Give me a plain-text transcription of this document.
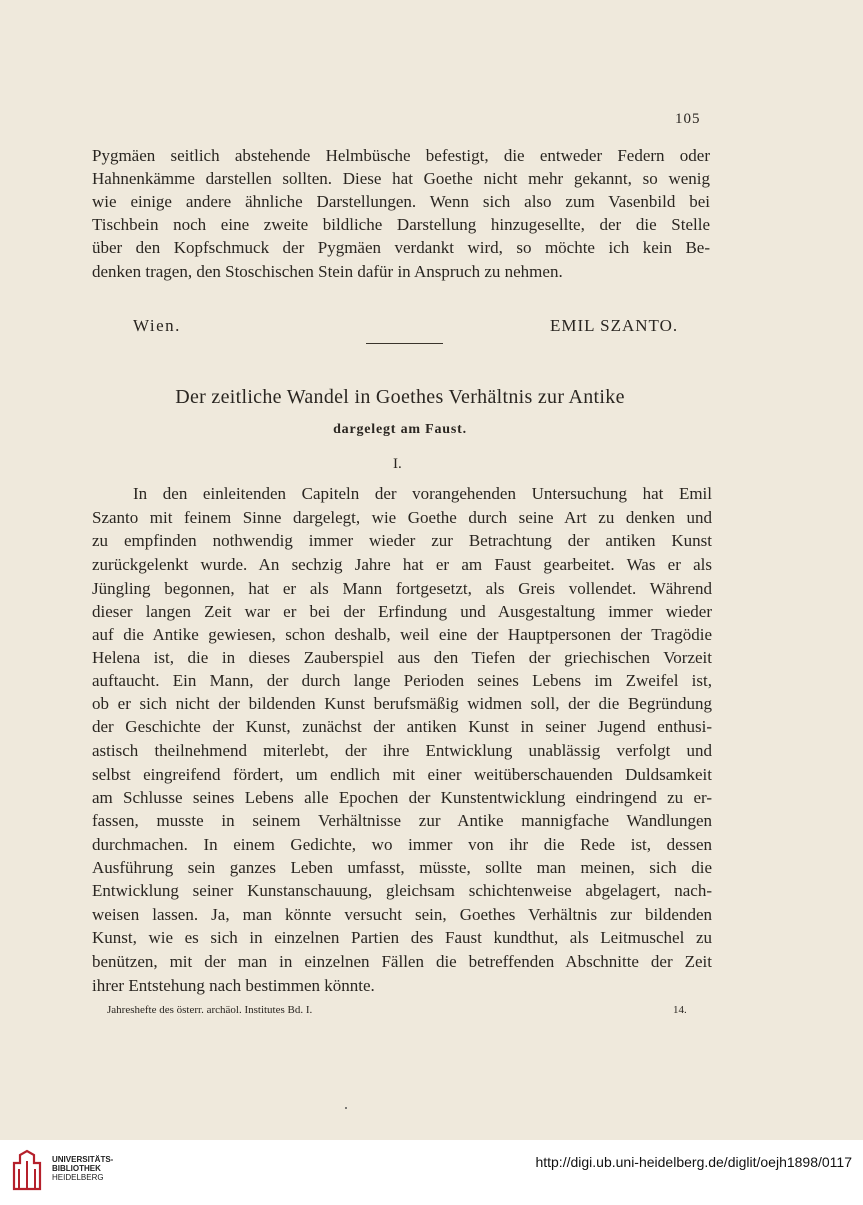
105
Pygmäen seitlich abstehende Helmbüsche befestigt, die entweder Federn oder
Hahnenkämme darstellen sollten. Diese hat Goethe nicht mehr gekannt, so wenig
wie einige andere ähnliche Darstellungen. Wenn sich also zum Vasenbild bei
Tischbein noch eine zweite bildliche Darstellung hinzugesellte, der die Stelle
über den Kopfschmuck der Pygmäen verdankt wird, so möchte ich kein Be-
denken tragen, den Stoschischen Stein dafür in Anspruch zu nehmen.
Wien.	EMIL SZANTO.
Der zeitliche Wandel in Goethes Verhältnis zur Antike
dargelegt am Faust.
I.
In den einleitenden Capiteln der vorangehenden Untersuchung hat Emil
Szanto mit feinem Sinne dargelegt, wie Goethe durch seine Art zu denken und
zu empfinden nothwendig immer wieder zur Betrachtung der antiken Kunst
zurückgelenkt wurde. An sechzig Jahre hat er am Faust gearbeitet. Was er als
Jüngling begonnen, hat er als Mann fortgesetzt, als Greis vollendet. Während
dieser langen Zeit war er bei der Erfindung und Ausgestaltung immer wieder
auf die Antike gewiesen, schon deshalb, weil eine der Hauptpersonen der Tragödie
Helena ist, die in dieses Zauberspiel aus den Tiefen der griechischen Vorzeit
auftaucht. Ein Mann, der durch lange Perioden seines Lebens im Zweifel ist,
ob er sich nicht der bildenden Kunst berufsmäßig widmen soll, der die Begründung
der Geschichte der Kunst, zunächst der antiken Kunst in seiner Jugend enthusi-
astisch theilnehmend miterlebt, der ihre Entwicklung unablässig verfolgt und
selbst eingreifend fördert, um endlich mit einer weitüberschauenden Duldsamkeit
am Schlusse seines Lebens alle Epochen der Kunstentwicklung eindringend zu er-
fassen, musste in seinem Verhältnisse zur Antike mannigfache Wandlungen
durchmachen. In einem Gedichte, wo immer von ihr die Rede ist, dessen
Ausführung sein ganzes Leben umfasst, müsste, sollte man meinen, sich die
Entwicklung seiner Kunstanschauung, gleichsam schichtenweise abgelagert, nach-
weisen lassen. Ja, man könnte versucht sein, Goethes Verhältnis zur bildenden
Kunst, wie es sich in einzelnen Partien des Faust kundthut, als Leitmuschel zu
benützen, mit der man in einzelnen Fällen die betreffenden Abschnitte der Zeit
ihrer Entstehung nach bestimmen könnte.
Jahreshefte des österr. archäol. Institutes Bd. I.	14.
UNIVERSITÄTS-
BIBLIOTHEK
HEIDELBERG
http://digi.ub.uni-heidelberg.de/diglit/oejh1898/0117
